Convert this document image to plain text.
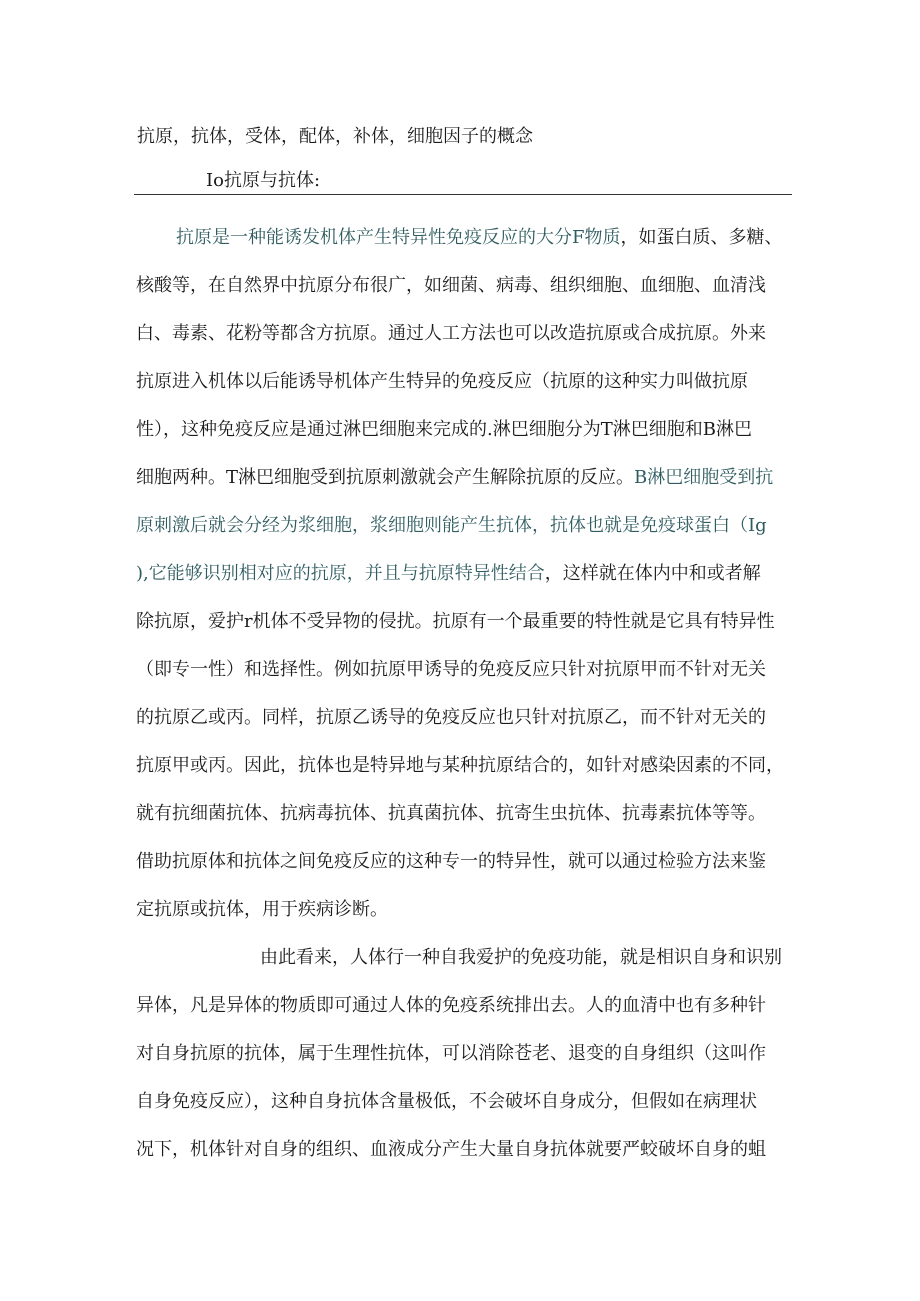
抗原，抗体，受体，配体，补体，细胞因子的概念
Io抗原与抗体:
抗原是一种能诱发机体产生特异性免疫反应的大分F物质，如蛋白质、多糖、
核酸等，在自然界中抗原分布很广，如细菌、病毒、组织细胞、血细胞、血清浅
白、毒素、花粉等都含方抗原。通过人工方法也可以改造抗原或合成抗原。外来
抗原进入机体以后能诱导机体产生特异的免疫反应（抗原的这种实力叫做抗原
性），这种免疫反应是通过淋巴细胞来完成的.淋巴细胞分为T淋巴细胞和B淋巴
细胞两种。T淋巴细胞受到抗原刺激就会产生解除抗原的反应。B淋巴细胞受到抗
原刺激后就会分经为浆细胞，浆细胞则能产生抗体，抗体也就是免疫球蛋白（Ig
),它能够识别相对应的抗原，并且与抗原特异性结合，这样就在体内中和或者解
除抗原，爱护r机体不受异物的侵扰。抗原有一个最重要的特性就是它具有特异性
（即专一性）和选择性。例如抗原甲诱导的免疫反应只针对抗原甲而不针对无关
的抗原乙或丙。同样，抗原乙诱导的免疫反应也只针对抗原乙，而不针对无关的
抗原甲或丙。因此，抗体也是特异地与某种抗原结合的，如针对感染因素的不同，
就有抗细菌抗体、抗病毒抗体、抗真菌抗体、抗寄生虫抗体、抗毒素抗体等等。
借助抗原体和抗体之间免疫反应的这种专一的特异性，就可以通过检验方法来鉴
定抗原或抗体，用于疾病诊断。
由此看来，人体行一种自我爱护的免疫功能，就是相识自身和识别
异体，凡是异体的物质即可通过人体的免疫系统排出去。人的血清中也有多种针
对自身抗原的抗体，属于生理性抗体，可以消除苍老、退变的自身组织（这叫作
自身免疫反应），这种自身抗体含量极低，不会破坏自身成分，但假如在病理状
况下，机体针对自身的组织、血液成分产生大量自身抗体就要严蛟破坏自身的蛆
